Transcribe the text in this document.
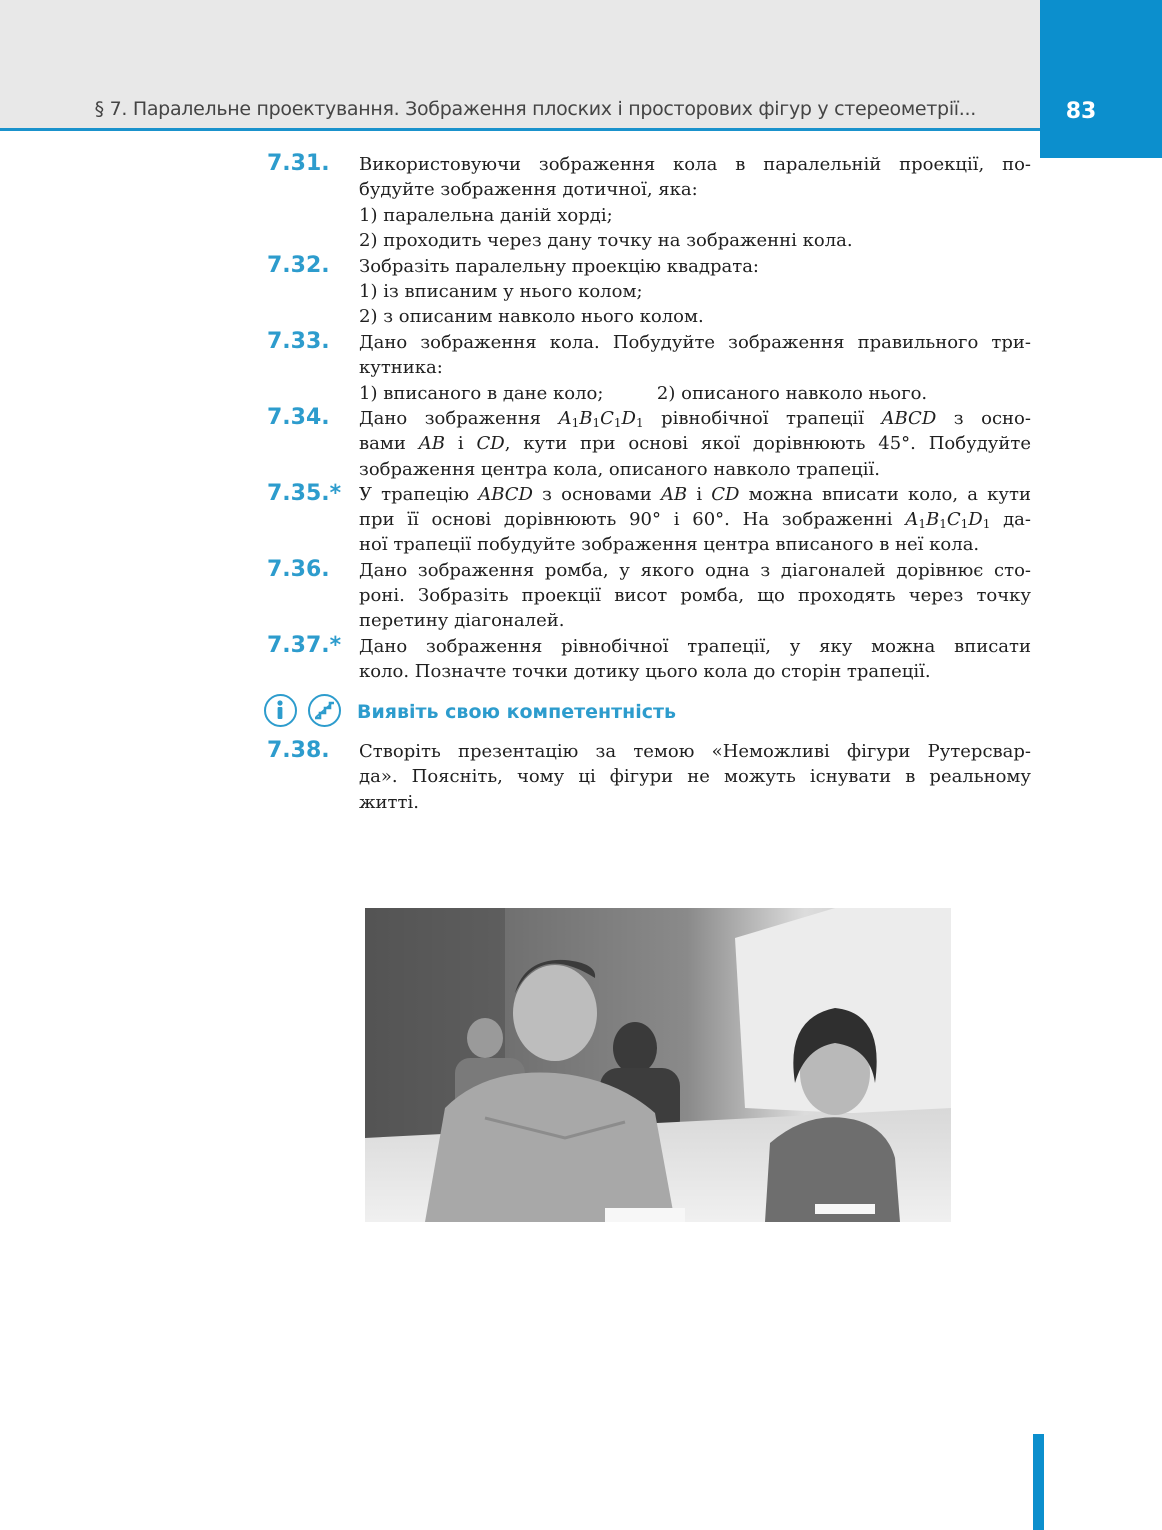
§ 7. Паралельне проектування. Зображення плоских і просторових фігур у стереометрії...	83
7.31. Використовуючи зображення кола в паралельній проекції, по-
будуйте зображення дотичної, яка:
1) паралельна даній хорді;
2) проходить через дану точку на зображенні кола.
7.32. Зобразіть паралельну проекцію квадрата:
1) із вписаним у нього колом;
2) з описаним навколо нього колом.
7.33. Дано зображення кола. Побудуйте зображення правильного три-
кутника:
1) вписаного в дане коло;	2) описаного навколо нього.
7.34. Дано зображення $A_1B_1C_1D_1$ рівнобічної трапеції ABCD з осно-
вами AB і CD, кути при основі якої дорівнюють 45°. Побудуйте
зображення центра кола, описаного навколо трапеції.
7.35.* У трапецію ABCD з основами AB і CD можна вписати коло, а кути
при її основі дорівнюють 90° і 60°. На зображенні $A_1B_1C_1D_1$ да-
ної трапеції побудуйте зображення центра вписаного в неї кола.
7.36. Дано зображення ромба, у якого одна з діагоналей дорівнює сто-
роні. Зобразіть проекції висот ромба, що проходять через точку
перетину діагоналей.
7.37.* Дано зображення рівнобічної трапеції, у яку можна вписати
коло. Позначте точки дотику цього кола до сторін трапеції.
Виявіть свою компетентність
7.38. Створіть презентацію за темою «Неможливі фігури Рутерсвар-
да». Поясніть, чому ці фігури не можуть існувати в реальному
житті.
